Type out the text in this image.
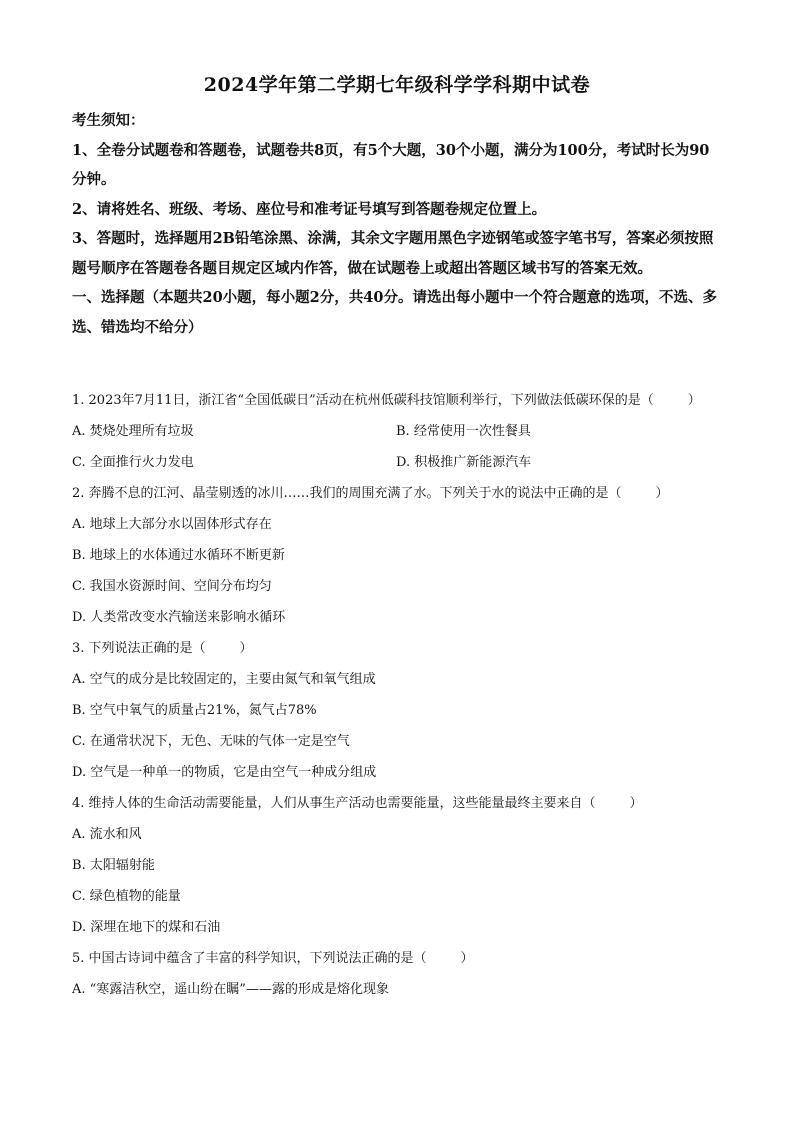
2024学年第二学期七年级科学学科期中试卷

考生须知：

1、全卷分试题卷和答题卷，试题卷共8页，有5个大题，30个小题，满分为100分，考试时长为90分钟。

2、请将姓名、班级、考场、座位号和准考证号填写到答题卷规定位置上。

3、答题时，选择题用2B铅笔涂黑、涂满，其余文字题用黑色字迹钢笔或签字笔书写，答案必须按照题号顺序在答题卷各题目规定区域内作答，做在试题卷上或超出答题区域书写的答案无效。

一、选择题（本题共20小题，每小题2分，共40分。请选出每小题中一个符合题意的选项，不选、多选、错选均不给分）

1. 2023年7月11日，浙江省“全国低碳日”活动在杭州低碳科技馆顺利举行，下列做法低碳环保的是（	）

A. 焚烧处理所有垃圾	B. 经常使用一次性餐具

C. 全面推行火力发电	D. 积极推广新能源汽车

2. 奔腾不息的江河、晶莹剔透的冰川……我们的周围充满了水。下列关于水的说法中正确的是（	）

A. 地球上大部分水以固体形式存在

B. 地球上的水体通过水循环不断更新

C. 我国水资源时间、空间分布均匀

D. 人类常改变水汽输送来影响水循环

3. 下列说法正确的是（	）

A. 空气的成分是比较固定的，主要由氮气和氧气组成

B. 空气中氧气的质量占21%，氮气占78%

C. 在通常状况下，无色、无味的气体一定是空气

D. 空气是一种单一的物质，它是由空气一种成分组成

4. 维持人体的生命活动需要能量，人们从事生产活动也需要能量，这些能量最终主要来自（	）

A. 流水和风

B. 太阳辐射能

C. 绿色植物的能量

D. 深埋在地下的煤和石油

5. 中国古诗词中蕴含了丰富的科学知识，下列说法正确的是（	）

A. “寒露洁秋空，遥山纷在瞩”——露的形成是熔化现象
